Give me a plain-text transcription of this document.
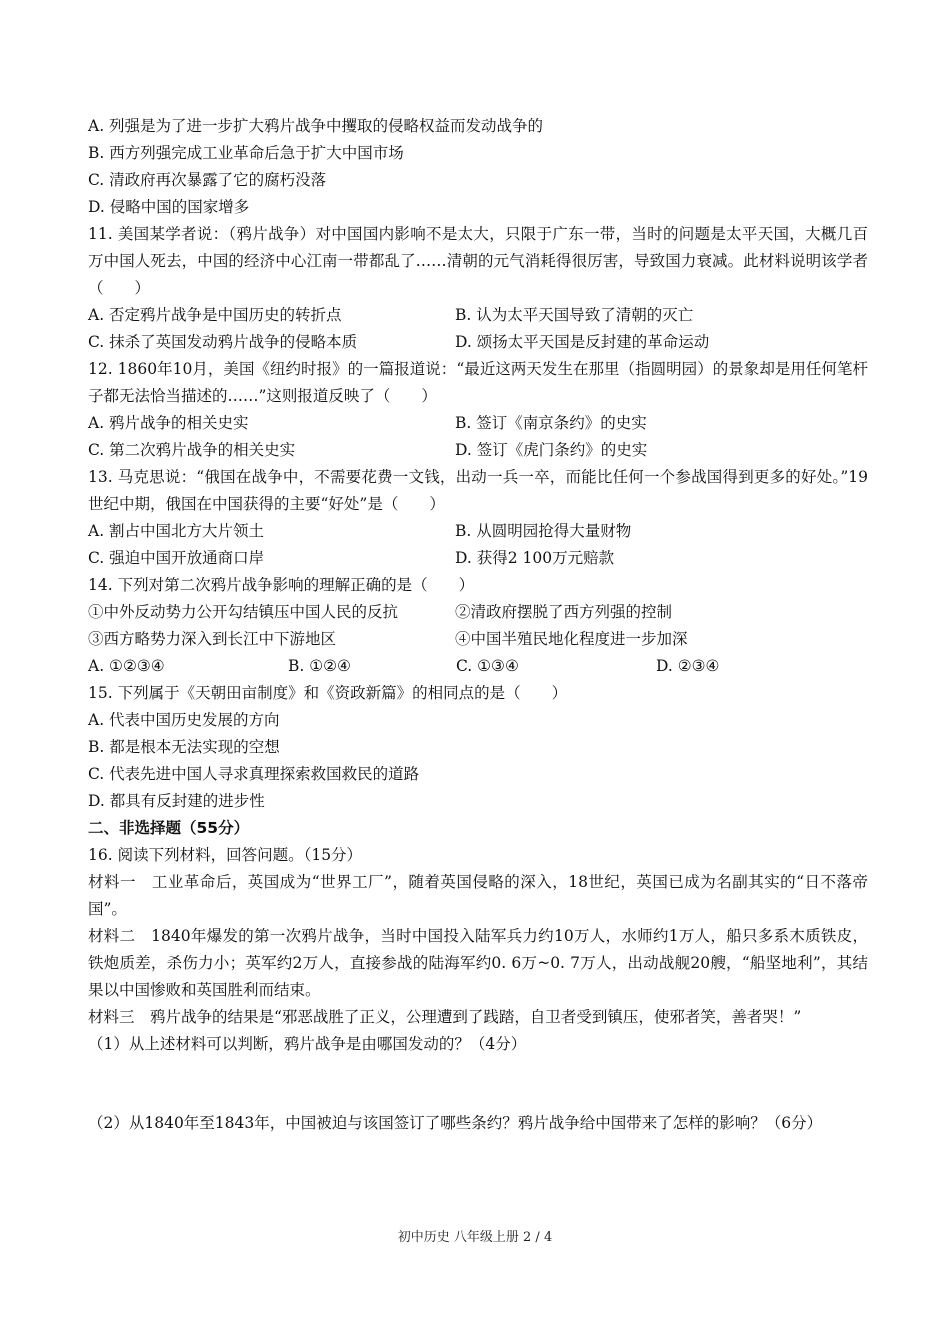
A. 列强是为了进一步扩大鸦片战争中攫取的侵略权益而发动战争的
B. 西方列强完成工业革命后急于扩大中国市场
C. 清政府再次暴露了它的腐朽没落
D. 侵略中国的国家增多
11. 美国某学者说：（鸦片战争）对中国国内影响不是太大，只限于广东一带，当时的问题是太平天国，大概几百万中国人死去，中国的经济中心江南一带都乱了……清朝的元气消耗得很厉害，导致国力衰减。此材料说明该学者（　　）
A. 否定鸦片战争是中国历史的转折点	B. 认为太平天国导致了清朝的灭亡
C. 抹杀了英国发动鸦片战争的侵略本质	D. 颂扬太平天国是反封建的革命运动
12. 1860年10月，美国《纽约时报》的一篇报道说：“最近这两天发生在那里（指圆明园）的景象却是用任何笔杆子都无法恰当描述的……”这则报道反映了（　　）
A. 鸦片战争的相关史实	B. 签订《南京条约》的史实
C. 第二次鸦片战争的相关史实	D. 签订《虎门条约》的史实
13. 马克思说：“俄国在战争中，不需要花费一文钱，出动一兵一卒，而能比任何一个参战国得到更多的好处。”19世纪中期，俄国在中国获得的主要“好处”是（　　）
A. 割占中国北方大片领土	B. 从圆明园抢得大量财物
C. 强迫中国开放通商口岸	D. 获得2 100万元赔款
14. 下列对第二次鸦片战争影响的理解正确的是（　　）
①中外反动势力公开勾结镇压中国人民的反抗	②清政府摆脱了西方列强的控制
③西方略势力深入到长江中下游地区	④中国半殖民地化程度进一步加深
A. ①②③④	B. ①②④	C. ①③④	D. ②③④
15. 下列属于《天朝田亩制度》和《资政新篇》的相同点的是（　　）
A. 代表中国历史发展的方向
B. 都是根本无法实现的空想
C. 代表先进中国人寻求真理探索救国救民的道路
D. 都具有反封建的进步性
二、非选择题（55分）
16. 阅读下列材料，回答问题。（15分）
材料一　工业革命后，英国成为“世界工厂”，随着英国侵略的深入，18世纪，英国已成为名副其实的“日不落帝国”。
材料二　1840年爆发的第一次鸦片战争，当时中国投入陆军兵力约10万人，水师约1万人，船只多系木质铁皮，铁炮质差，杀伤力小；英军约2万人，直接参战的陆海军约0. 6万~0. 7万人，出动战舰20艘，“船坚地利”，其结果以中国惨败和英国胜利而结束。
材料三　鸦片战争的结果是“邪恶战胜了正义，公理遭到了践踏，自卫者受到镇压，使邪者笑，善者哭！”
（1）从上述材料可以判断，鸦片战争是由哪国发动的？（4分）
（2）从1840年至1843年，中国被迫与该国签订了哪些条约？鸦片战争给中国带来了怎样的影响？（6分）
初中历史 八年级上册 2 / 4
